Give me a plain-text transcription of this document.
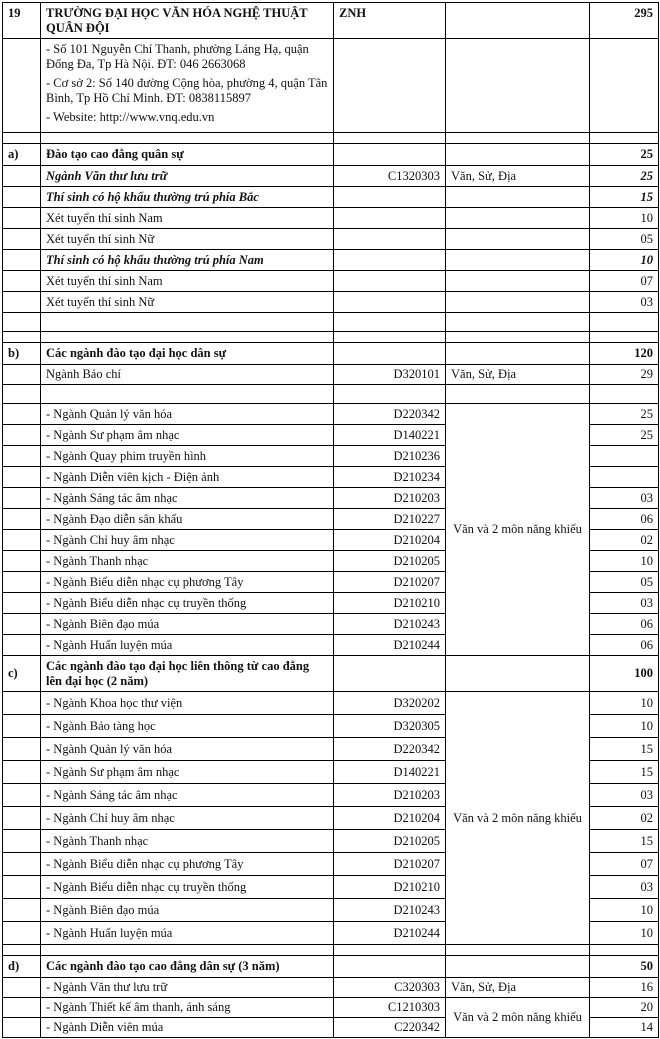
19	TRƯỜNG ĐẠI HỌC VĂN HÓA NGHỆ THUẬT QUÂN ĐỘI	ZNH		295

	- Số 101 Nguyễn Chí Thanh, phường Láng Hạ, quận Đống Đa, Tp Hà Nội. ĐT: 046 2663068
- Cơ sở 2: Số 140 đường Cộng hòa, phường 4, quận Tân Bình, Tp Hồ Chí Minh. ĐT: 0838115897
- Website: http://www.vnq.edu.vn			

a)	Đào tạo cao đẳng quân sự			25
	Ngành Văn thư lưu trữ	C1320303	Văn, Sử, Địa	25
	Thí sinh có hộ khẩu thường trú phía Bắc			15
	Xét tuyển thí sinh Nam			10
	Xét tuyển thí sinh Nữ			05
	Thí sinh có hộ khẩu thường trú phía Nam			10
	Xét tuyển thí sinh Nam			07
	Xét tuyển thí sinh Nữ			03

b)	Các ngành đào tạo đại học dân sự			120
	Ngành Báo chí	D320101	Văn, Sử, Địa	29

	- Ngành Quản lý văn hóa	D220342	Văn và 2 môn năng khiếu	25
	- Ngành Sư phạm âm nhạc	D140221		25
	- Ngành Quay phim truyền hình	D210236		
	- Ngành Diễn viên kịch - Điện ảnh	D210234		
	- Ngành Sáng tác âm nhạc	D210203		03
	- Ngành Đạo diễn sân khấu	D210227		06
	- Ngành Chỉ huy âm nhạc	D210204		02
	- Ngành Thanh nhạc	D210205		10
	- Ngành Biểu diễn nhạc cụ phương Tây	D210207		05
	- Ngành Biểu diễn nhạc cụ truyền thống	D210210		03
	- Ngành Biên đạo múa	D210243		06
	- Ngành Huấn luyện múa	D210244		06
c)	Các ngành đào tạo đại học liên thông từ cao đẳng lên đại học (2 năm)			100
	- Ngành Khoa học thư viện	D320202	Văn và 2 môn năng khiếu	10
	- Ngành Bảo tàng học	D320305		10
	- Ngành Quản lý văn hóa	D220342		15
	- Ngành Sư phạm âm nhạc	D140221		15
	- Ngành Sáng tác âm nhạc	D210203		03
	- Ngành Chỉ huy âm nhạc	D210204		02
	- Ngành Thanh nhạc	D210205		15
	- Ngành Biểu diễn nhạc cụ phương Tây	D210207		07
	- Ngành Biểu diễn nhạc cụ truyền thống	D210210		03
	- Ngành Biên đạo múa	D210243		10
	- Ngành Huấn luyện múa	D210244		10

d)	Các ngành đào tạo cao đẳng dân sự (3 năm)			50
	- Ngành Văn thư lưu trữ	C320303	Văn, Sử, Địa	16
	- Ngành Thiết kế âm thanh, ánh sáng	C1210303	Văn và 2 môn năng khiếu	20
	- Ngành Diễn viên múa	C220342		14
